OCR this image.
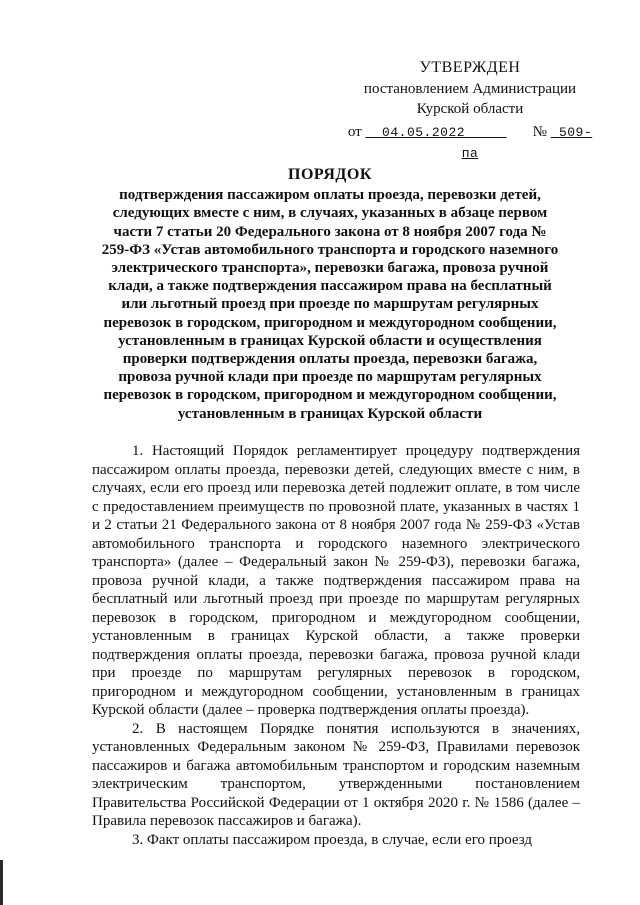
УТВЕРЖДЕН
постановлением Администрации
Курской области
от 04.05.2022	№ 509-па
ПОРЯДОК
подтверждения пассажиром оплаты проезда, перевозки детей, следующих вместе с ним, в случаях, указанных в абзаце первом части 7 статьи 20 Федерального закона от 8 ноября 2007 года № 259-ФЗ «Устав автомобильного транспорта и городского наземного электрического транспорта», перевозки багажа, провоза ручной клади, а также подтверждения пассажиром права на бесплатный или льготный проезд при проезде по маршрутам регулярных перевозок в городском, пригородном и междугородном сообщении, установленным в границах Курской области и осуществления проверки подтверждения оплаты проезда, перевозки багажа, провоза ручной клади при проезде по маршрутам регулярных перевозок в городском, пригородном и междугородном сообщении, установленным в границах Курской области

1. Настоящий Порядок регламентирует процедуру подтверждения пассажиром оплаты проезда, перевозки детей, следующих вместе с ним, в случаях, если его проезд или перевозка детей подлежит оплате, в том числе с предоставлением преимуществ по провозной плате, указанных в частях 1 и 2 статьи 21 Федерального закона от 8 ноября 2007 года № 259-ФЗ «Устав автомобильного транспорта и городского наземного электрического транспорта» (далее – Федеральный закон № 259-ФЗ), перевозки багажа, провоза ручной клади, а также подтверждения пассажиром права на бесплатный или льготный проезд при проезде по маршрутам регулярных перевозок в городском, пригородном и междугородном сообщении, установленным в границах Курской области, а также проверки подтверждения оплаты проезда, перевозки багажа, провоза ручной клади при проезде по маршрутам регулярных перевозок в городском, пригородном и междугородном сообщении, установленным в границах Курской области (далее – проверка подтверждения оплаты проезда).

2. В настоящем Порядке понятия используются в значениях, установленных Федеральным законом № 259-ФЗ, Правилами перевозок пассажиров и багажа автомобильным транспортом и городским наземным электрическим транспортом, утвержденными постановлением Правительства Российской Федерации от 1 октября 2020 г. № 1586 (далее – Правила перевозок пассажиров и багажа).

3. Факт оплаты пассажиром проезда, в случае, если его проезд
